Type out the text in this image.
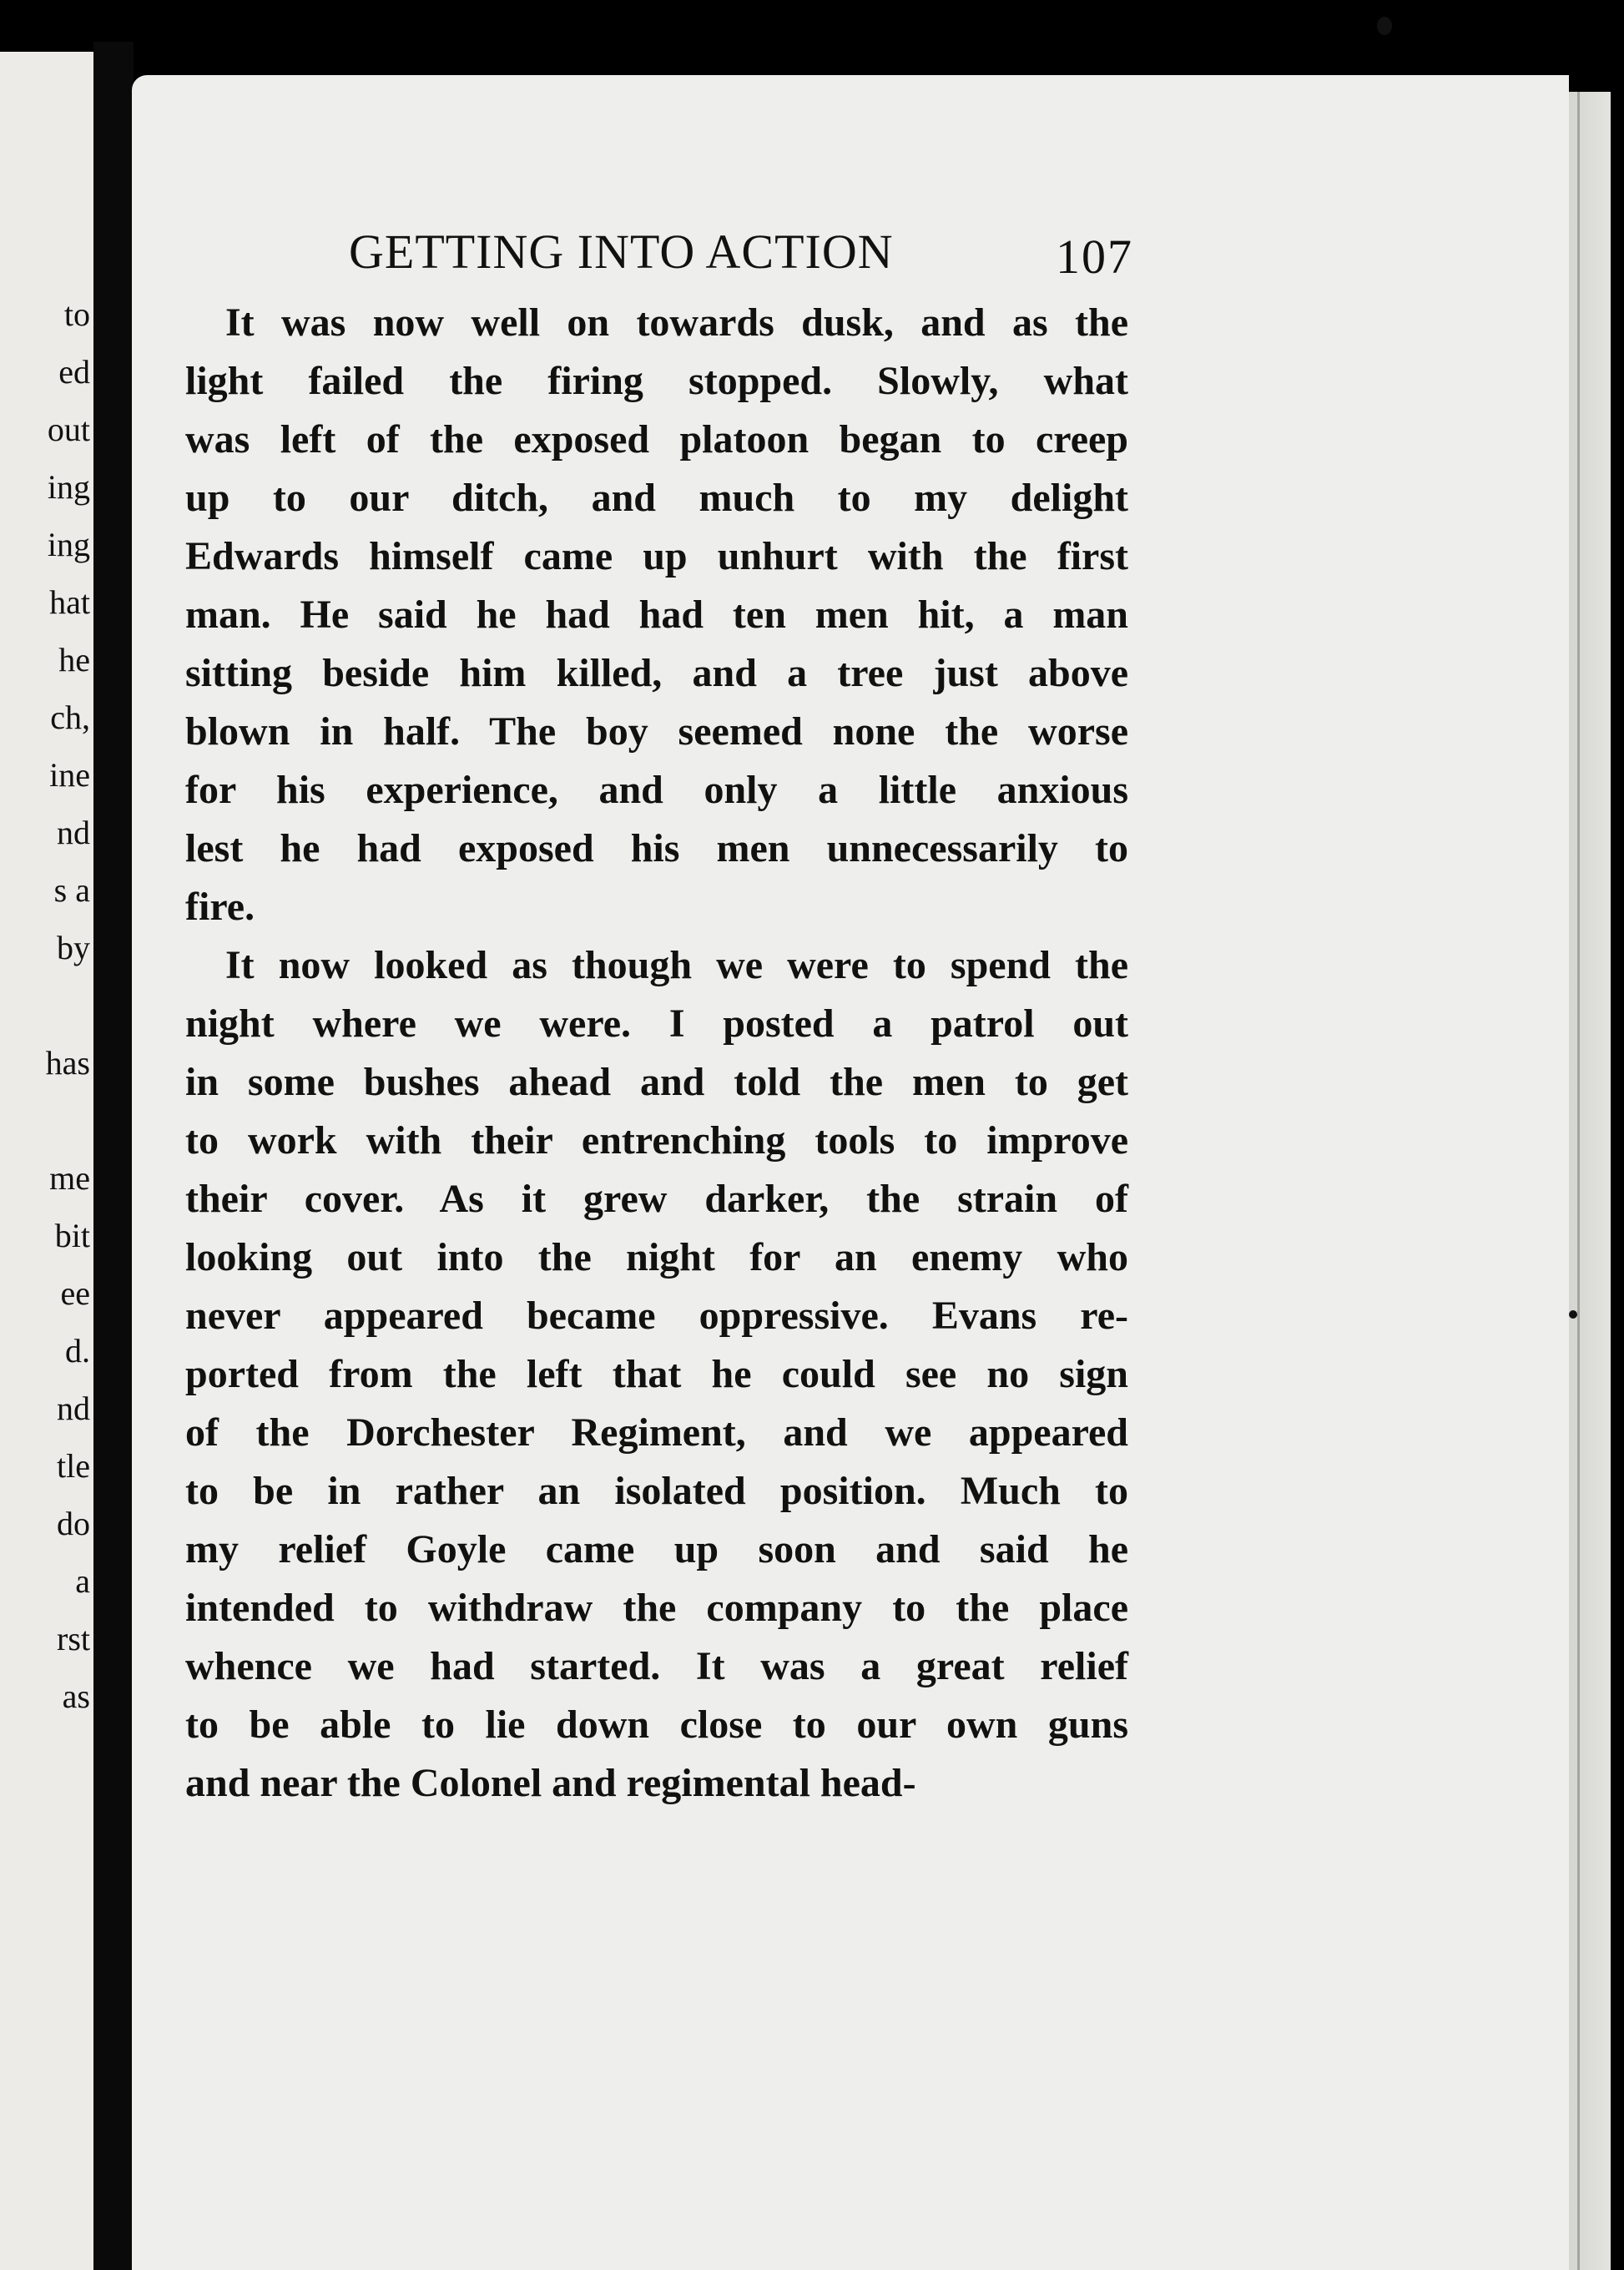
to
ed
out
ing
ing
hat
he
ch,
ine
nd
s a
by
has
me
bit
ee
d.
nd
tle
do
a
rst
as
GETTING INTO ACTION	107
It was now well on towards dusk, and as the
light failed the firing stopped. Slowly, what
was left of the exposed platoon began to creep
up to our ditch, and much to my delight
Edwards himself came up unhurt with the first
man. He said he had had ten men hit, a man
sitting beside him killed, and a tree just above
blown in half. The boy seemed none the worse
for his experience, and only a little anxious
lest he had exposed his men unnecessarily to
fire.
It now looked as though we were to spend the
night where we were. I posted a patrol out
in some bushes ahead and told the men to get
to work with their entrenching tools to improve
their cover. As it grew darker, the strain of
looking out into the night for an enemy who
never appeared became oppressive. Evans re-
ported from the left that he could see no sign
of the Dorchester Regiment, and we appeared
to be in rather an isolated position. Much to
my relief Goyle came up soon and said he
intended to withdraw the company to the place
whence we had started. It was a great relief
to be able to lie down close to our own guns
and near the Colonel and regimental head-
